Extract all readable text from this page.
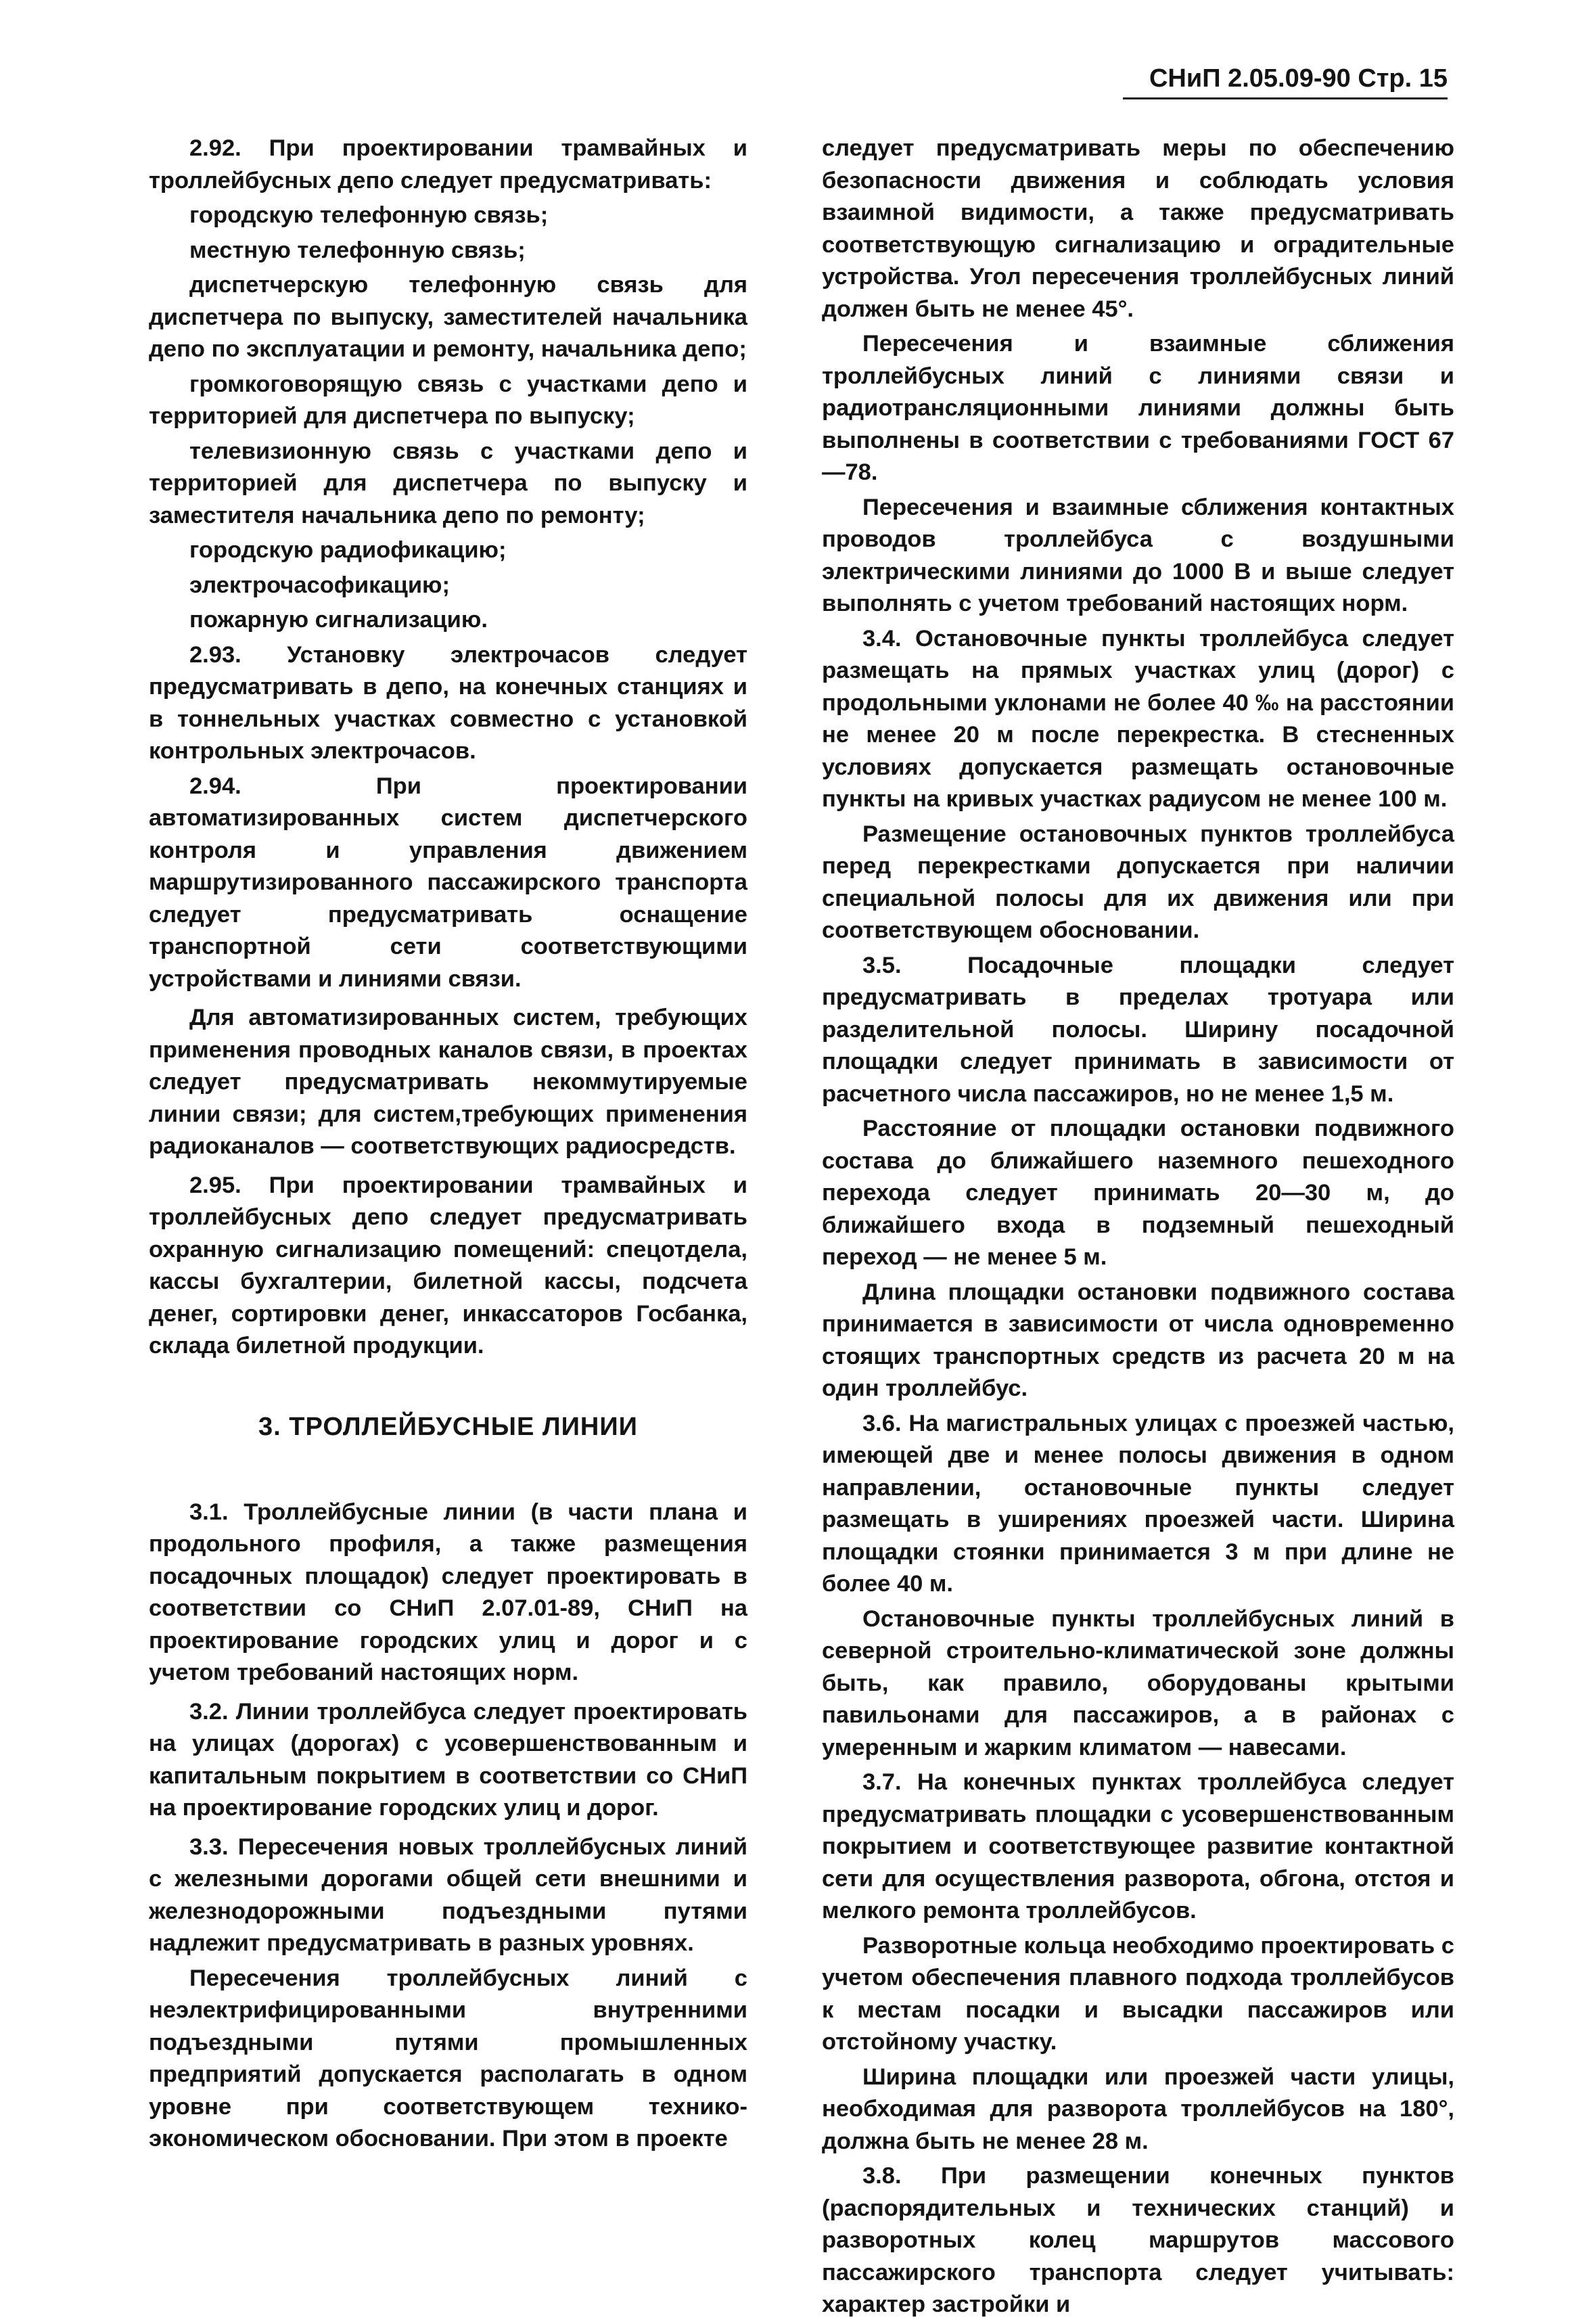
СНиП 2.05.09-90 Стр. 15

2.92. При проектировании трамвайных и троллейбусных депо следует предусматривать:

городскую телефонную связь;

местную телефонную связь;

диспетчерскую телефонную связь для диспетчера по выпуску, заместителей начальника депо по эксплуатации и ремонту, начальника депо;

громкоговорящую связь с участками депо и территорией для диспетчера по выпуску;

телевизионную связь с участками депо и территорией для диспетчера по выпуску и заместителя начальника депо по ремонту;

городскую радиофикацию;

электрочасофикацию;

пожарную сигнализацию.

2.93. Установку электрочасов следует предусматривать в депо, на конечных станциях и в тоннельных участках совместно с установкой контрольных электрочасов.

2.94. При проектировании автоматизированных систем диспетчерского контроля и управления движением маршрутизированного пассажирского транспорта следует предусматривать оснащение транспортной сети соответствующими устройствами и линиями связи.

Для автоматизированных систем, требующих применения проводных каналов связи, в проектах следует предусматривать некоммутируемые линии связи; для систем,требующих применения радиоканалов — соответствующих радиосредств.

2.95. При проектировании трамвайных и троллейбусных депо следует предусматривать охранную сигнализацию помещений: спецотдела, кассы бухгалтерии, билетной кассы, подсчета денег, сортировки денег, инкассаторов Госбанка, склада билетной продукции.

3. ТРОЛЛЕЙБУСНЫЕ ЛИНИИ

3.1. Троллейбусные линии (в части плана и продольного профиля, а также размещения посадочных площадок) следует проектировать в соответствии со СНиП 2.07.01-89, СНиП на проектирование городских улиц и дорог и с учетом требований настоящих норм.

3.2. Линии троллейбуса следует проектировать на улицах (дорогах) с усовершенствованным и капитальным покрытием в соответствии со СНиП на проектирование городских улиц и дорог.

3.3. Пересечения новых троллейбусных линий с железными дорогами общей сети внешними и железнодорожными подъездными путями надлежит предусматривать в разных уровнях.

Пересечения троллейбусных линий с неэлектрифицированными внутренними подъездными путями промышленных предприятий допускается располагать в одном уровне при соответствующем технико-экономическом обосновании. При этом в проекте

следует предусматривать меры по обеспечению безопасности движения и соблюдать условия взаимной видимости, а также предусматривать соответствующую сигнализацию и оградительные устройства. Угол пересечения троллейбусных линий должен быть не менее 45°.

Пересечения и взаимные сближения троллейбусных линий с линиями связи и радиотрансляционными линиями должны быть выполнены в соответствии с требованиями ГОСТ 67—78.

Пересечения и взаимные сближения контактных проводов троллейбуса с воздушными электрическими линиями до 1000 В и выше следует выполнять с учетом требований настоящих норм.

3.4. Остановочные пункты троллейбуса следует размещать на прямых участках улиц (дорог) с продольными уклонами не более 40 ‰ на расстоянии не менее 20 м после перекрестка. В стесненных условиях допускается размещать остановочные пункты на кривых участках радиусом не менее 100 м.

Размещение остановочных пунктов троллейбуса перед перекрестками допускается при наличии специальной полосы для их движения или при соответствующем обосновании.

3.5. Посадочные площадки следует предусматривать в пределах тротуара или разделительной полосы. Ширину посадочной площадки следует принимать в зависимости от расчетного числа пассажиров, но не менее 1,5 м.

Расстояние от площадки остановки подвижного состава до ближайшего наземного пешеходного перехода следует принимать 20—30 м, до ближайшего входа в подземный пешеходный переход — не менее 5 м.

Длина площадки остановки подвижного состава принимается в зависимости от числа одновременно стоящих транспортных средств из расчета 20 м на один троллейбус.

3.6. На магистральных улицах с проезжей частью, имеющей две и менее полосы движения в одном направлении, остановочные пункты следует размещать в уширениях проезжей части. Ширина площадки стоянки принимается 3 м при длине не более 40 м.

Остановочные пункты троллейбусных линий в северной строительно-климатической зоне должны быть, как правило, оборудованы крытыми павильонами для пассажиров, а в районах с умеренным и жарким климатом — навесами.

3.7. На конечных пунктах троллейбуса следует предусматривать площадки с усовершенствованным покрытием и соответствующее развитие контактной сети для осуществления разворота, обгона, отстоя и мелкого ремонта троллейбусов.

Разворотные кольца необходимо проектировать с учетом обеспечения плавного подхода троллейбусов к местам посадки и высадки пассажиров или отстойному участку.

Ширина площадки или проезжей части улицы, необходимая для разворота троллейбусов на 180°, должна быть не менее 28 м.

3.8. При размещении конечных пунктов (распорядительных и технических станций) и разворотных колец маршрутов массового пассажирского транспорта следует учитывать: характер застройки и
